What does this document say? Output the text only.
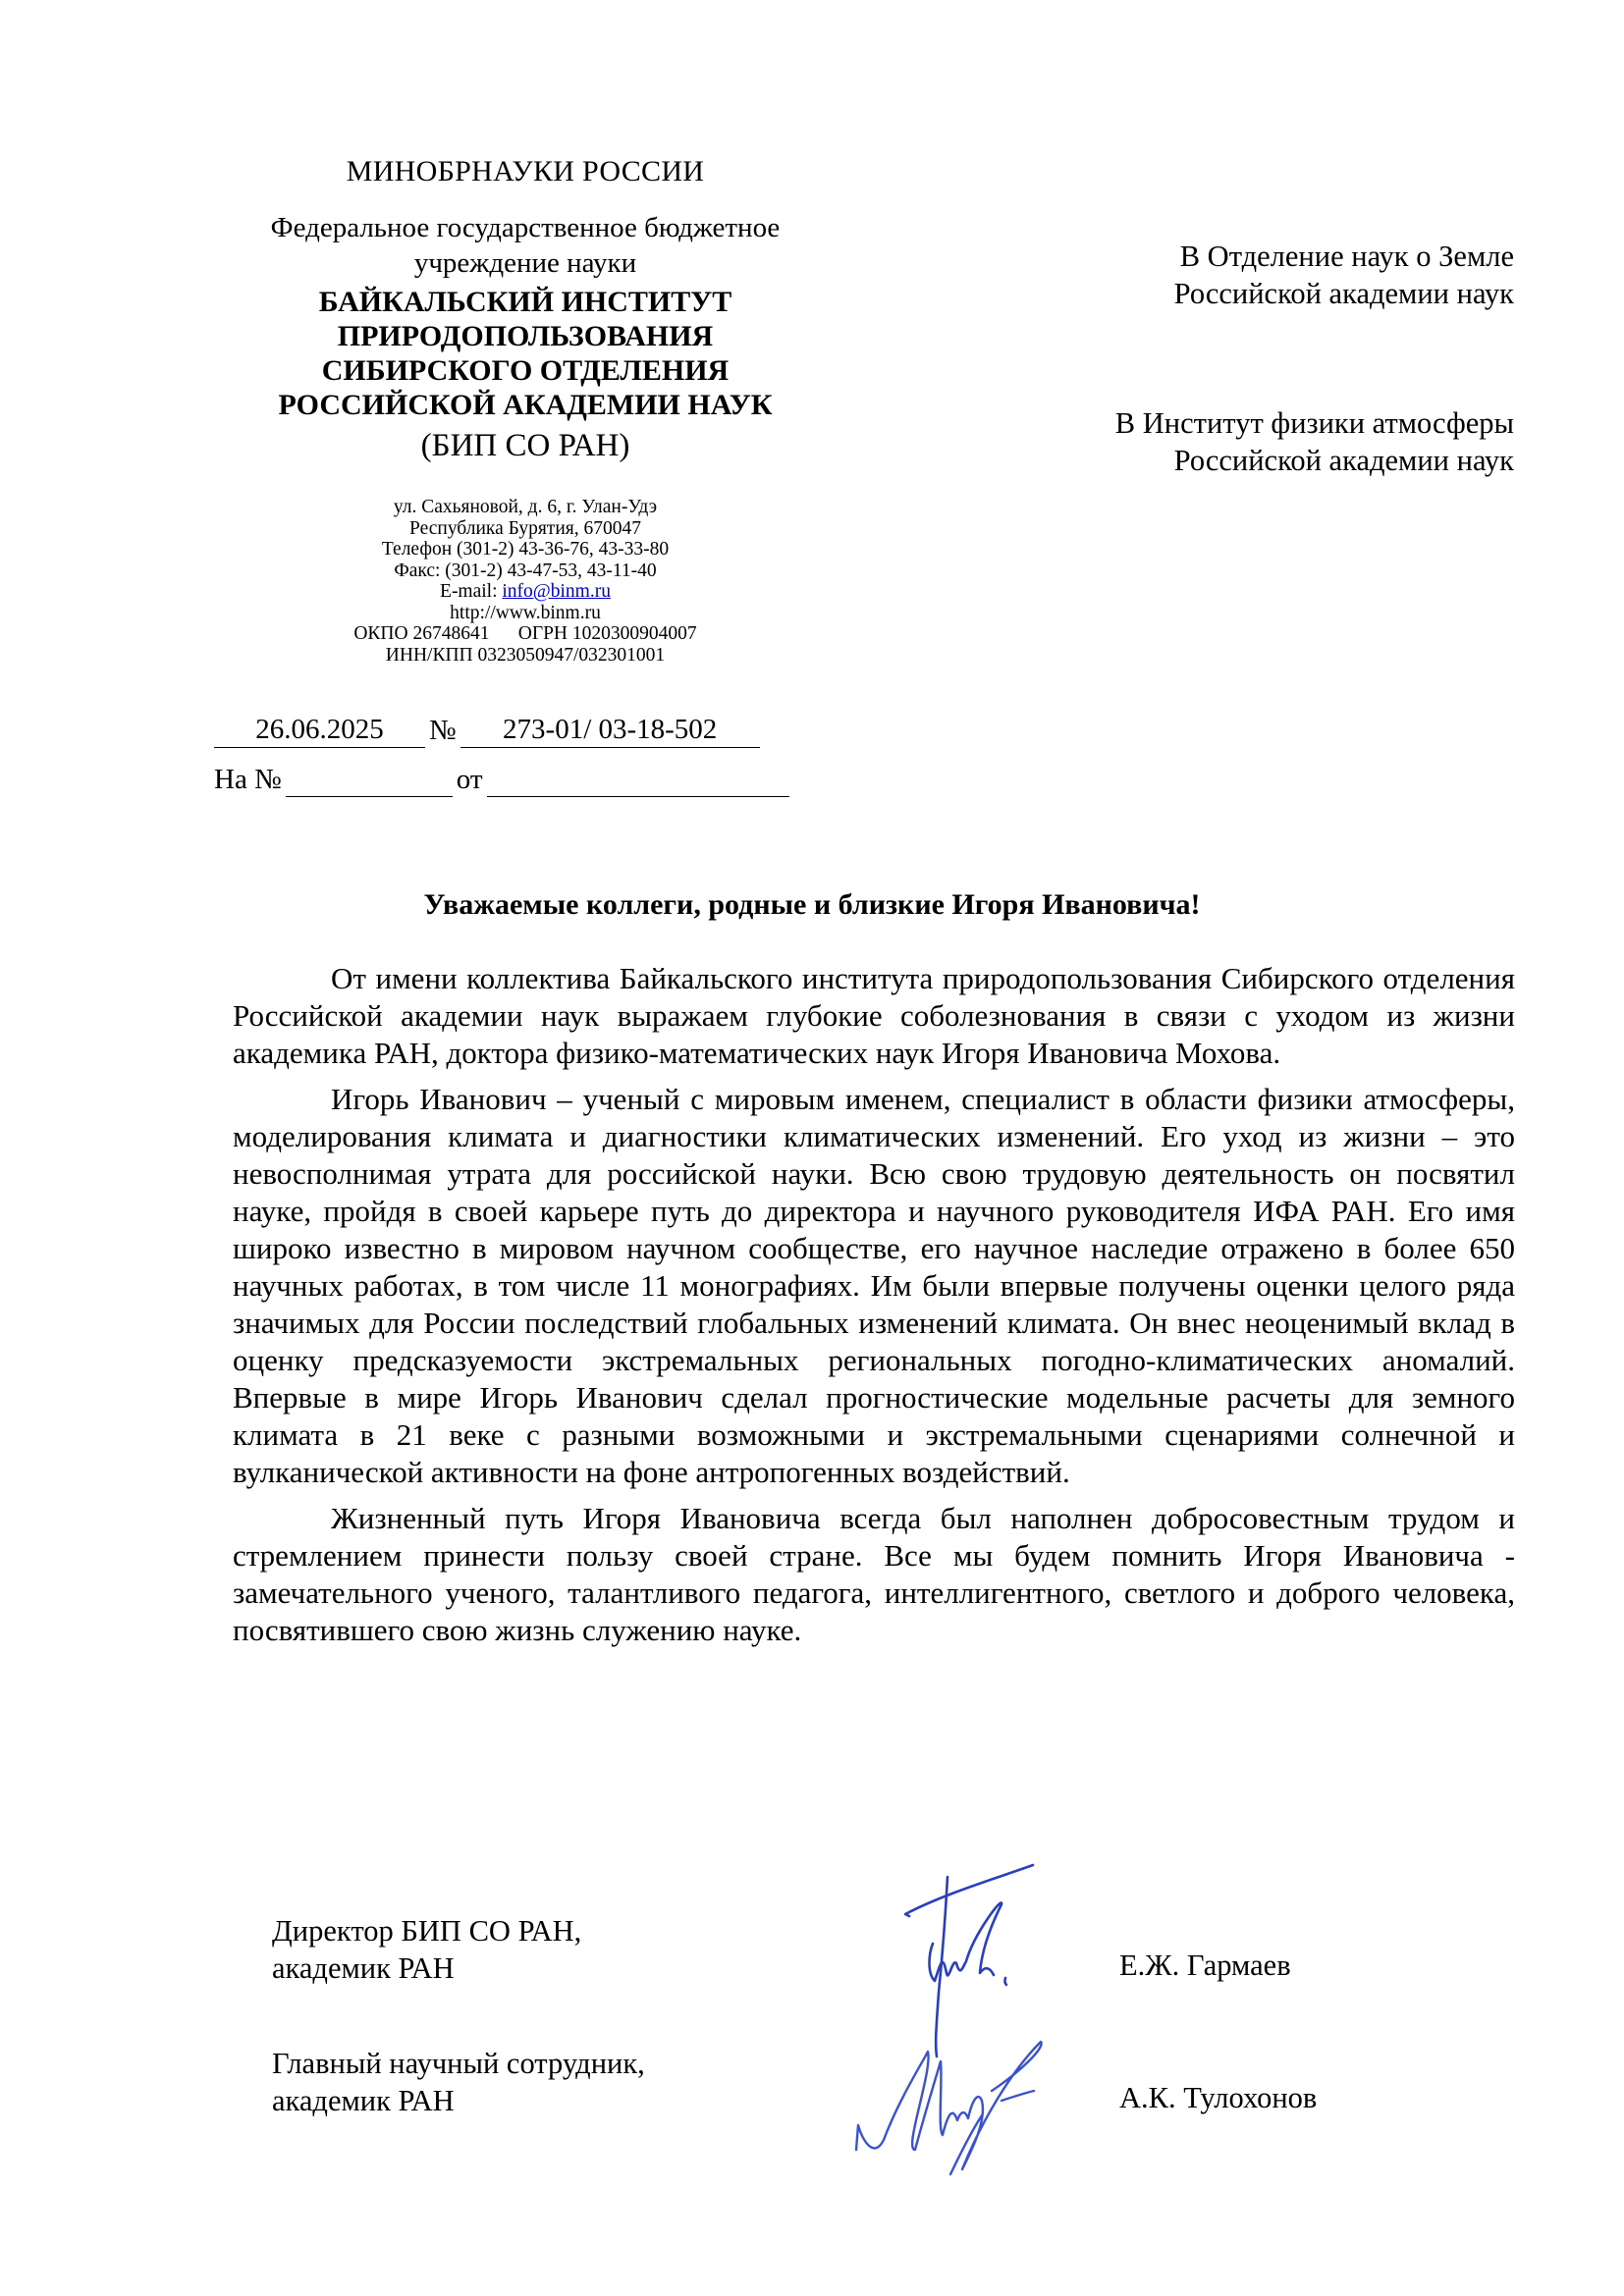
МИНОБРНАУКИ РОССИИ
Федеральное государственное бюджетное
учреждение науки
БАЙКАЛЬСКИЙ ИНСТИТУТ
ПРИРОДОПОЛЬЗОВАНИЯ
СИБИРСКОГО ОТДЕЛЕНИЯ
РОССИЙСКОЙ АКАДЕМИИ НАУК
(БИП СО РАН)
ул. Сахьяновой, д. 6, г. Улан-Удэ
Республика Бурятия, 670047
Телефон (301-2) 43-36-76, 43-33-80
Факс: (301-2) 43-47-53, 43-11-40
E-mail: info@binm.ru
http://www.binm.ru
ОКПО 26748641 ОГРН 1020300904007
ИНН/КПП 0323050947/032301001
26.06.2025	№	273-01/ 03-18-502
На №	от
В Отделение наук о Земле
Российской академии наук
В Институт физики атмосферы
Российской академии наук
Уважаемые коллеги, родные и близкие Игоря Ивановича!

От имени коллектива Байкальского института природопользования Сибирского отделения Российской академии наук выражаем глубокие соболезнования в связи с уходом из жизни академика РАН, доктора физико-математических наук Игоря Ивановича Мохова.

Игорь Иванович – ученый с мировым именем, специалист в области физики атмосферы, моделирования климата и диагностики климатических изменений. Его уход из жизни – это невосполнимая утрата для российской науки. Всю свою трудовую деятельность он посвятил науке, пройдя в своей карьере путь до директора и научного руководителя ИФА РАН. Его имя широко известно в мировом научном сообществе, его научное наследие отражено в более 650 научных работах, в том числе 11 монографиях. Им были впервые получены оценки целого ряда значимых для России последствий глобальных изменений климата. Он внес неоценимый вклад в оценку предсказуемости экстремальных региональных погодно-климатических аномалий. Впервые в мире Игорь Иванович сделал прогностические модельные расчеты для земного климата в 21 веке с разными возможными и экстремальными сценариями солнечной и вулканической активности на фоне антропогенных воздействий.

Жизненный путь Игоря Ивановича всегда был наполнен добросовестным трудом и стремлением принести пользу своей стране. Все мы будем помнить Игоря Ивановича - замечательного ученого, талантливого педагога, интеллигентного, светлого и доброго человека, посвятившего свою жизнь служению науке.

Директор БИП СО РАН,
академик РАН	Е.Ж. Гармаев
Главный научный сотрудник,
академик РАН	А.К. Тулохонов
